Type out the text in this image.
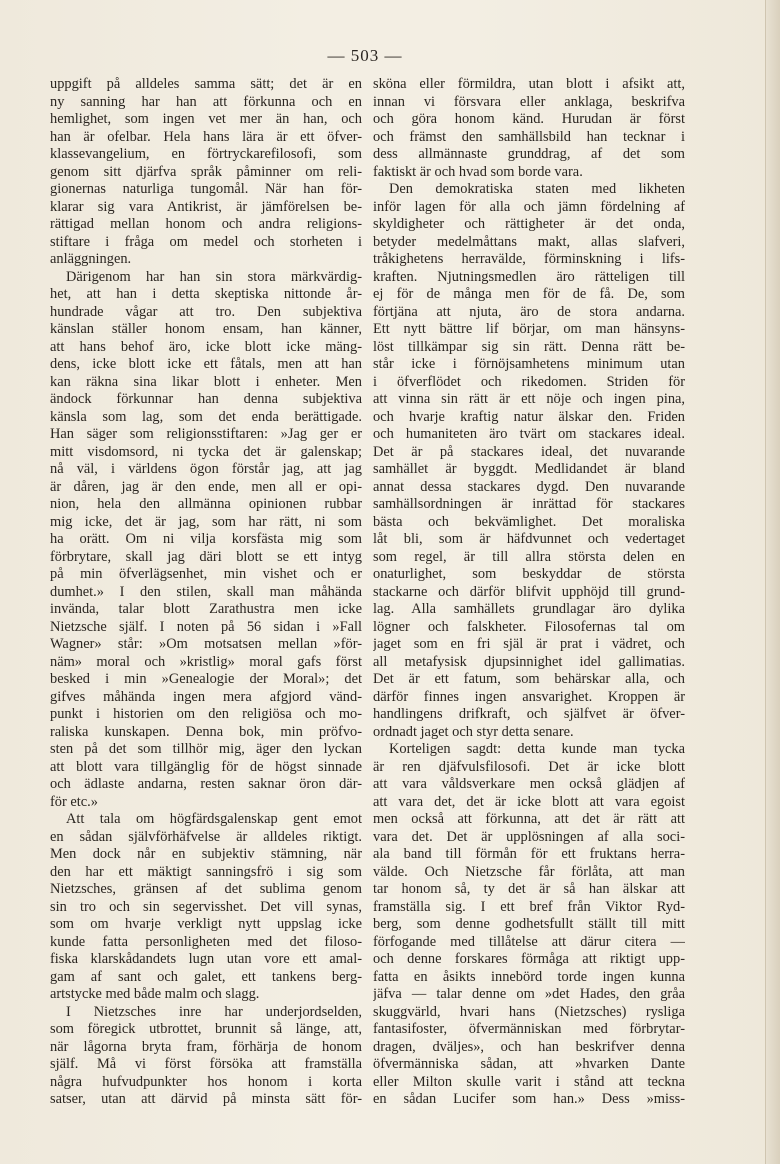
— 503 —
uppgift på alldeles samma sätt; det är en
ny sanning har han att förkunna och en
hemlighet, som ingen vet mer än han, och
han är ofelbar. Hela hans lära är ett öfver-
klassevangelium, en förtryckarefilosofi, som
genom sitt djärfva språk påminner om reli-
gionernas naturliga tungomål. När han för-
klarar sig vara Antikrist, är jämförelsen be-
rättigad mellan honom och andra religions-
stiftare i fråga om medel och storheten i
anläggningen.
Därigenom har han sin stora märkvärdig-
het, att han i detta skeptiska nittonde år-
hundrade vågar att tro. Den subjektiva
känslan ställer honom ensam, han känner,
att hans behof äro, icke blott icke mäng-
dens, icke blott icke ett fåtals, men att han
kan räkna sina likar blott i enheter. Men
ändock förkunnar han denna subjektiva
känsla som lag, som det enda berättigade.
Han säger som religionsstiftaren: »Jag ger er
mitt visdomsord, ni tycka det är galenskap;
nå väl, i världens ögon förstår jag, att jag
är dåren, jag är den ende, men all er opi-
nion, hela den allmänna opinionen rubbar
mig icke, det är jag, som har rätt, ni som
ha orätt. Om ni vilja korsfästa mig som
förbrytare, skall jag däri blott se ett intyg
på min öfverlägsenhet, min vishet och er
dumhet.» I den stilen, skall man måhända
invända, talar blott Zarathustra men icke
Nietzsche själf. I noten på 56 sidan i »Fall
Wagner» står: »Om motsatsen mellan »för-
näm» moral och »kristlig» moral gafs först
besked i min »Genealogie der Moral»; det
gifves måhända ingen mera afgjord vänd-
punkt i historien om den religiösa och mo-
raliska kunskapen. Denna bok, min pröfvo-
sten på det som tillhör mig, äger den lyckan
att blott vara tillgänglig för de högst sinnade
och ädlaste andarna, resten saknar öron där-
för etc.»
Att tala om högfärdsgalenskap gent emot
en sådan självförhäfvelse är alldeles riktigt.
Men dock når en subjektiv stämning, när
den har ett mäktigt sanningsfrö i sig som
Nietzsches, gränsen af det sublima genom
sin tro och sin segervisshet. Det vill synas,
som om hvarje verkligt nytt uppslag icke
kunde fatta personligheten med det filoso-
fiska klarskådandets lugn utan vore ett amal-
gam af sant och galet, ett tankens berg-
artstycke med både malm och slagg.
I Nietzsches inre har underjordselden,
som föregick utbrottet, brunnit så länge, att,
när lågorna bryta fram, förhärja de honom
själf. Må vi först försöka att framställa
några hufvudpunkter hos honom i korta
satser, utan att därvid på minsta sätt för-
sköna eller förmildra, utan blott i afsikt att,
innan vi försvara eller anklaga, beskrifva
och göra honom känd. Hurudan är först
och främst den samhällsbild han tecknar i
dess allmännaste grunddrag, af det som
faktiskt är och hvad som borde vara.
Den demokratiska staten med likheten
inför lagen för alla och jämn fördelning af
skyldigheter och rättigheter är det onda,
betyder medelmåttans makt, allas slafveri,
tråkighetens herravälde, förminskning i lifs-
kraften. Njutningsmedlen äro rätteligen till
ej för de många men för de få. De, som
förtjäna att njuta, äro de stora andarna.
Ett nytt bättre lif börjar, om man hänsyns-
löst tillkämpar sig sin rätt. Denna rätt be-
står icke i förnöjsamhetens minimum utan
i öfverflödet och rikedomen. Striden för
att vinna sin rätt är ett nöje och ingen pina,
och hvarje kraftig natur älskar den. Friden
och humaniteten äro tvärt om stackares ideal.
Det är på stackares ideal, det nuvarande
samhället är byggdt. Medlidandet är bland
annat dessa stackares dygd. Den nuvarande
samhällsordningen är inrättad för stackares
bästa och bekvämlighet. Det moraliska
låt bli, som är häfdvunnet och vedertaget
som regel, är till allra största delen en
onaturlighet, som beskyddar de största
stackarne och därför blifvit upphöjd till grund-
lag. Alla samhällets grundlagar äro dylika
lögner och falskheter. Filosofernas tal om
jaget som en fri själ är prat i vädret, och
all metafysisk djupsinnighet idel gallimatias.
Det är ett fatum, som behärskar alla, och
därför finnes ingen ansvarighet. Kroppen är
handlingens drifkraft, och själfvet är öfver-
ordnadt jaget och styr detta senare.
Korteligen sagdt: detta kunde man tycka
är ren djäfvulsfilosofi. Det är icke blott
att vara våldsverkare men också glädjen af
att vara det, det är icke blott att vara egoist
men också att förkunna, att det är rätt att
vara det. Det är upplösningen af alla soci-
ala band till förmån för ett fruktans herra-
välde. Och Nietzsche får förlåta, att man
tar honom så, ty det är så han älskar att
framställa sig. I ett bref från Viktor Ryd-
berg, som denne godhetsfullt ställt till mitt
förfogande med tillåtelse att därur citera —
och denne forskares förmåga att riktigt upp-
fatta en åsikts innebörd torde ingen kunna
jäfva — talar denne om »det Hades, den gråa
skuggvärld, hvari hans (Nietzsches) rysliga
fantasifoster, öfvermänniskan med förbrytar-
dragen, dväljes», och han beskrifver denna
öfvermänniska sådan, att »hvarken Dante
eller Milton skulle varit i stånd att teckna
en sådan Lucifer som han.» Dess »miss-
